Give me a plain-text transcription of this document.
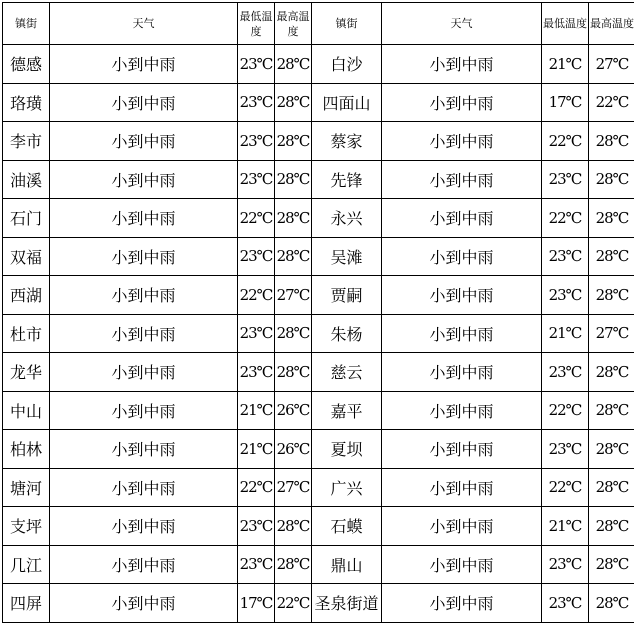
镇街	天气	最低温度	最高温度	镇街	天气	最低温度	最高温度
德感	小到中雨	23℃	28℃	白沙	小到中雨	21℃	27℃
珞璜	小到中雨	23℃	28℃	四面山	小到中雨	17℃	22℃
李市	小到中雨	23℃	28℃	蔡家	小到中雨	22℃	28℃
油溪	小到中雨	23℃	28℃	先锋	小到中雨	23℃	28℃
石门	小到中雨	22℃	28℃	永兴	小到中雨	22℃	28℃
双福	小到中雨	23℃	28℃	吴滩	小到中雨	23℃	28℃
西湖	小到中雨	22℃	27℃	贾嗣	小到中雨	23℃	28℃
杜市	小到中雨	23℃	28℃	朱杨	小到中雨	21℃	27℃
龙华	小到中雨	23℃	28℃	慈云	小到中雨	23℃	28℃
中山	小到中雨	21℃	26℃	嘉平	小到中雨	22℃	28℃
柏林	小到中雨	21℃	26℃	夏坝	小到中雨	23℃	28℃
塘河	小到中雨	22℃	27℃	广兴	小到中雨	22℃	28℃
支坪	小到中雨	23℃	28℃	石蟆	小到中雨	21℃	28℃
几江	小到中雨	23℃	28℃	鼎山	小到中雨	23℃	28℃
四屏	小到中雨	17℃	22℃	圣泉街道	小到中雨	23℃	28℃
